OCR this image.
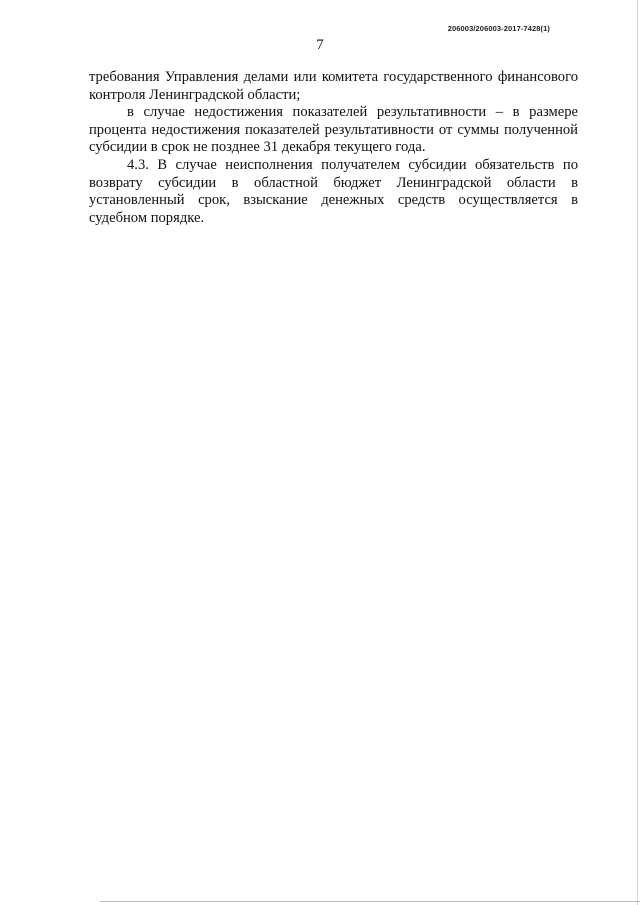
206003/206003-2017-7428(1)
7

требования Управления делами или комитета государственного финансового контроля Ленинградской области;

в случае недостижения показателей результативности – в размере процента недостижения показателей результативности от суммы полученной субсидии в срок не позднее 31 декабря текущего года.

4.3. В случае неисполнения получателем субсидии обязательств по возврату субсидии в областной бюджет Ленинградской области в установленный срок, взыскание денежных средств осуществляется в судебном порядке.
